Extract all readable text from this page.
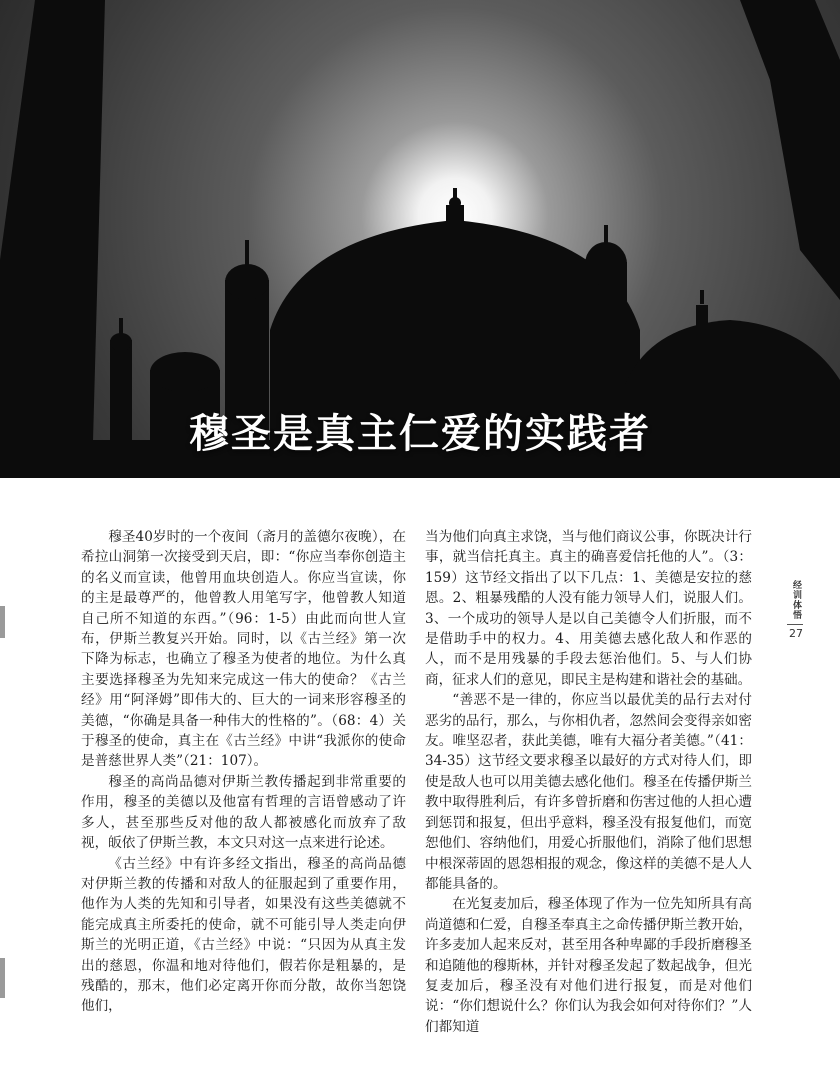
穆圣是真主仁爱的实践者

穆圣40岁时的一个夜间（斋月的盖德尔夜晚），在希拉山洞第一次接受到天启，即：“你应当奉你创造主的名义而宣读，他曾用血块创造人。你应当宣读，你的主是最尊严的，他曾教人用笔写字，他曾教人知道自己所不知道的东西。”（96：1-5）由此而向世人宣布，伊斯兰教复兴开始。同时，以《古兰经》第一次下降为标志，也确立了穆圣为使者的地位。为什么真主要选择穆圣为先知来完成这一伟大的使命？《古兰经》用“阿泽姆”即伟大的、巨大的一词来形容穆圣的美德，“你确是具备一种伟大的性格的”。（68：4）关于穆圣的使命，真主在《古兰经》中讲“我派你的使命是普慈世界人类”（21：107）。

穆圣的高尚品德对伊斯兰教传播起到非常重要的作用，穆圣的美德以及他富有哲理的言语曾感动了许多人，甚至那些反对他的敌人都被感化而放弃了敌视，皈依了伊斯兰教，本文只对这一点来进行论述。

《古兰经》中有许多经文指出，穆圣的高尚品德对伊斯兰教的传播和对敌人的征服起到了重要作用，他作为人类的先知和引导者，如果没有这些美德就不能完成真主所委托的使命，就不可能引导人类走向伊斯兰的光明正道，《古兰经》中说：“只因为从真主发出的慈恩，你温和地对待他们，假若你是粗暴的，是残酷的，那末，他们必定离开你而分散，故你当恕饶他们，

当为他们向真主求饶，当与他们商议公事，你既决计行事，就当信托真主。真主的确喜爱信托他的人”。（3：159）这节经文指出了以下几点：1、美德是安拉的慈恩。2、粗暴残酷的人没有能力领导人们，说服人们。3、一个成功的领导人是以自己美德令人们折服，而不是借助手中的权力。4、用美德去感化敌人和作恶的人，而不是用残暴的手段去惩治他们。5、与人们协商，征求人们的意见，即民主是构建和谐社会的基础。

“善恶不是一律的，你应当以最优美的品行去对付恶劣的品行，那么，与你相仇者，忽然间会变得亲如密友。唯坚忍者，获此美德，唯有大福分者美德。”（41：34-35）这节经文要求穆圣以最好的方式对待人们，即使是敌人也可以用美德去感化他们。穆圣在传播伊斯兰教中取得胜利后，有许多曾折磨和伤害过他的人担心遭到惩罚和报复，但出乎意料，穆圣没有报复他们，而宽恕他们、容纳他们，用爱心折服他们，消除了他们思想中根深蒂固的恩怨相报的观念，像这样的美德不是人人都能具备的。

在光复麦加后，穆圣体现了作为一位先知所具有高尚道德和仁爱，自穆圣奉真主之命传播伊斯兰教开始，许多麦加人起来反对，甚至用各种卑鄙的手段折磨穆圣和追随他的穆斯林，并针对穆圣发起了数起战争，但光复麦加后，穆圣没有对他们进行报复，而是对他们说：“你们想说什么？你们认为我会如何对待你们？”人们都知道

经训体悟
27
